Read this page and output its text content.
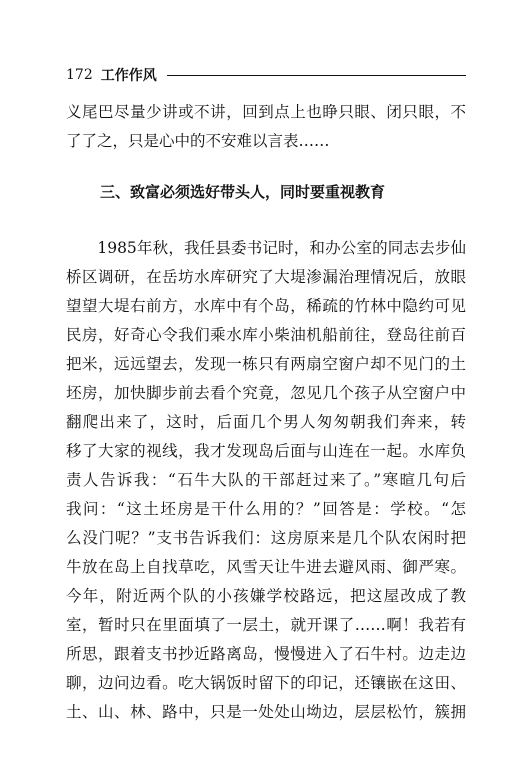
172 工作作风
义尾巴尽量少讲或不讲，回到点上也睁只眼、闭只眼，不
了了之，只是心中的不安难以言表……
三、致富必须选好带头人，同时要重视教育
　　1985年秋，我任县委书记时，和办公室的同志去步仙
桥区调研，在岳坊水库研究了大堤渗漏治理情况后，放眼
望望大堤右前方，水库中有个岛，稀疏的竹林中隐约可见
民房，好奇心令我们乘水库小柴油机船前往，登岛往前百
把米，远远望去，发现一栋只有两扇空窗户却不见门的土
坯房，加快脚步前去看个究竟，忽见几个孩子从空窗户中
翻爬出来了，这时，后面几个男人匆匆朝我们奔来，转
移了大家的视线，我才发现岛后面与山连在一起。水库负
责人告诉我：“石牛大队的干部赶过来了。”寒暄几句后
我问：“这土坯房是干什么用的？”回答是：学校。“怎
么没门呢？”支书告诉我们：这房原来是几个队农闲时把
牛放在岛上自找草吃，风雪天让牛进去避风雨、御严寒。
今年，附近两个队的小孩嫌学校路远，把这屋改成了教
室，暂时只在里面填了一层土，就开课了……啊！我若有
所思，跟着支书抄近路离岛，慢慢进入了石牛村。边走边
聊，边问边看。吃大锅饭时留下的印记，还镶嵌在这田、
土、山、林、路中，只是一处处山坳边，层层松竹，簇拥
